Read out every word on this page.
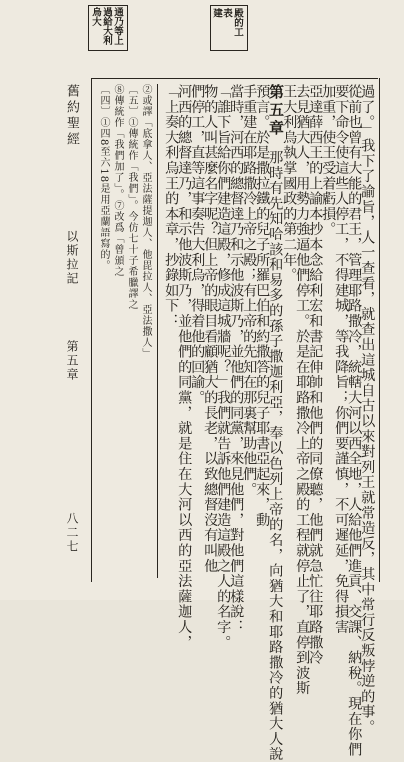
通乃等上
過給大利
烏大	殿的工
表
建
舊約聖經
以斯拉記
第五章
八二七
〔四〕①四8至六18是用亞蘭語寫的。 ⑧傳統作「我們加了」。⑦改爲「曾頒之 〔五〕①傳統作「我們」。今仿七十子希臘譯之 ②或譯「底拿人、亞法薩提迦人、他毘拉人、亞法撒人」	過了。」我下了諭旨，人一查看，就查出這城自古以來對列王就常造反，其中常行反叛悖逆的事。
從前也曾有大能的君王，管理耶路撒冷，統轄大河以西全地，人給他們進貢、交課、納稅。現在你們
要下命令使這些人停工，不得建城，等我降旨；你們要謹慎，不可遲延，免得損害
加重，使王受着虧損。
亞達薛西王的上諭本抄本念給利宏和書記伸帥和他們的同僚聽，他們就急忙往耶路撒冷
去見猶大人，用勢力強逼他們停工。於是在耶路撒冷上帝之殿的工程就停止了，直停到波斯
王大利烏執掌國政的第二年。
第五章
那時有先知哈該和易多的孫子撒迦利亞，奉以色列上帝的名，向猶大和耶路撒冷的猶大人說
預言。於是撒拉鐵的兒子所羅巴伯和約撒答的兒子耶書亞起來，動
手重建在耶路撒冷上帝之殿；有上帝的先知在那裏幫助他們。
當時，河西的總督達乃和示他波斯乃，並他們的同黨，來見他們，對他們這樣說：
「誰下旨給你們建造這殿，修成這城牆呢？」我們就告訴他們建造這殿之人的名字。
物的人叫甚麼名字呢？但上帝的眼目看顧猶大的長老，以致總督沒有叫他
們停工，直等這事奏告大利烏，得着他的回諭。
河西的總督達乃，和示他波斯乃，並他們的同黨，就是住在大河以西的亞法薩迦人，
「上奏大利烏王的本章，抄錄如下：
